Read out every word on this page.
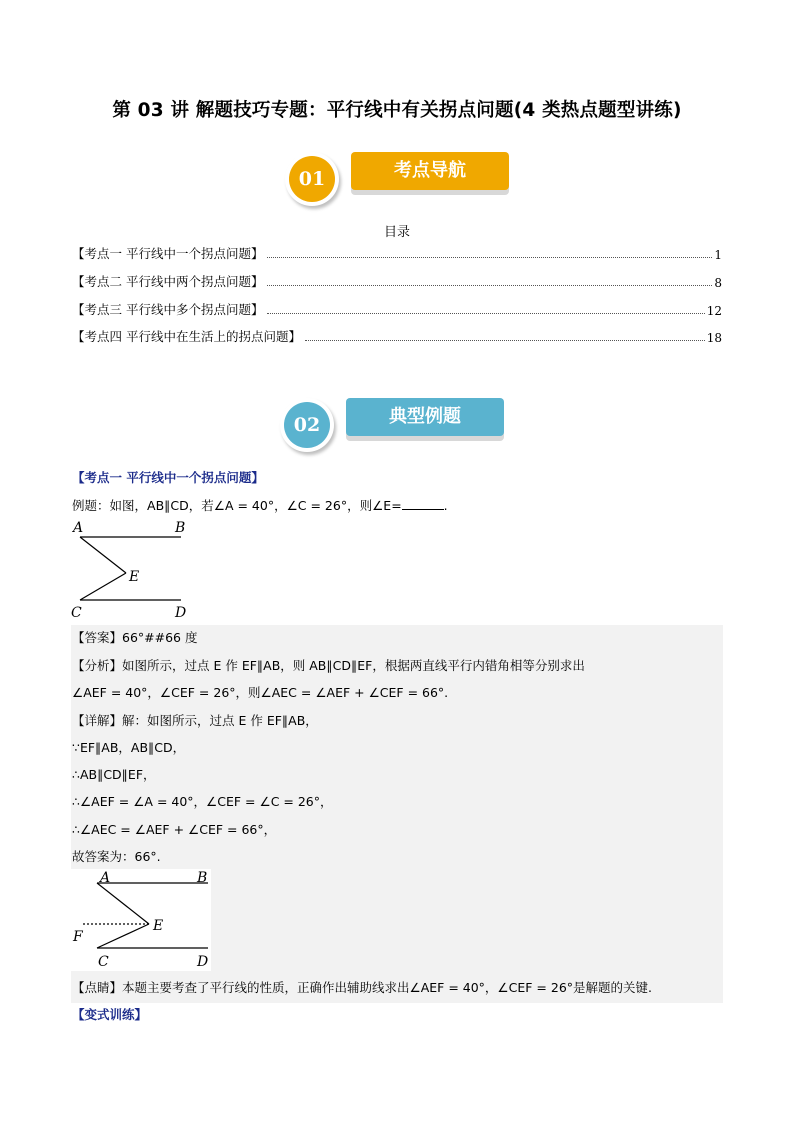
第 03 讲 解题技巧专题：平行线中有关拐点问题(4 类热点题型讲练)
01	考点导航
目录
【考点一 平行线中一个拐点问题】	1
【考点二 平行线中两个拐点问题】	8
【考点三 平行线中多个拐点问题】	12
【考点四 平行线中在生活上的拐点问题】	18
02	典型例题
【考点一 平行线中一个拐点问题】
例题：如图，AB∥CD，若∠A = 40°，∠C = 26°，则∠E=	.
A	B
E
C	D
【答案】66°##66 度
【分析】如图所示，过点 E 作 EF∥AB，则 AB∥CD∥EF，根据两直线平行内错角相等分别求出
∠AEF = 40°，∠CEF = 26°，则∠AEC = ∠AEF + ∠CEF = 66°.
【详解】解：如图所示，过点 E 作 EF∥AB，
∵EF∥AB，AB∥CD，
∴AB∥CD∥EF，
∴∠AEF = ∠A = 40°，∠CEF = ∠C = 26°，
∴∠AEC = ∠AEF + ∠CEF = 66°，
故答案为：66°.
A	B
E
F
C	D
【点睛】本题主要考查了平行线的性质，正确作出辅助线求出∠AEF = 40°，∠CEF = 26°是解题的关键.
【变式训练】
